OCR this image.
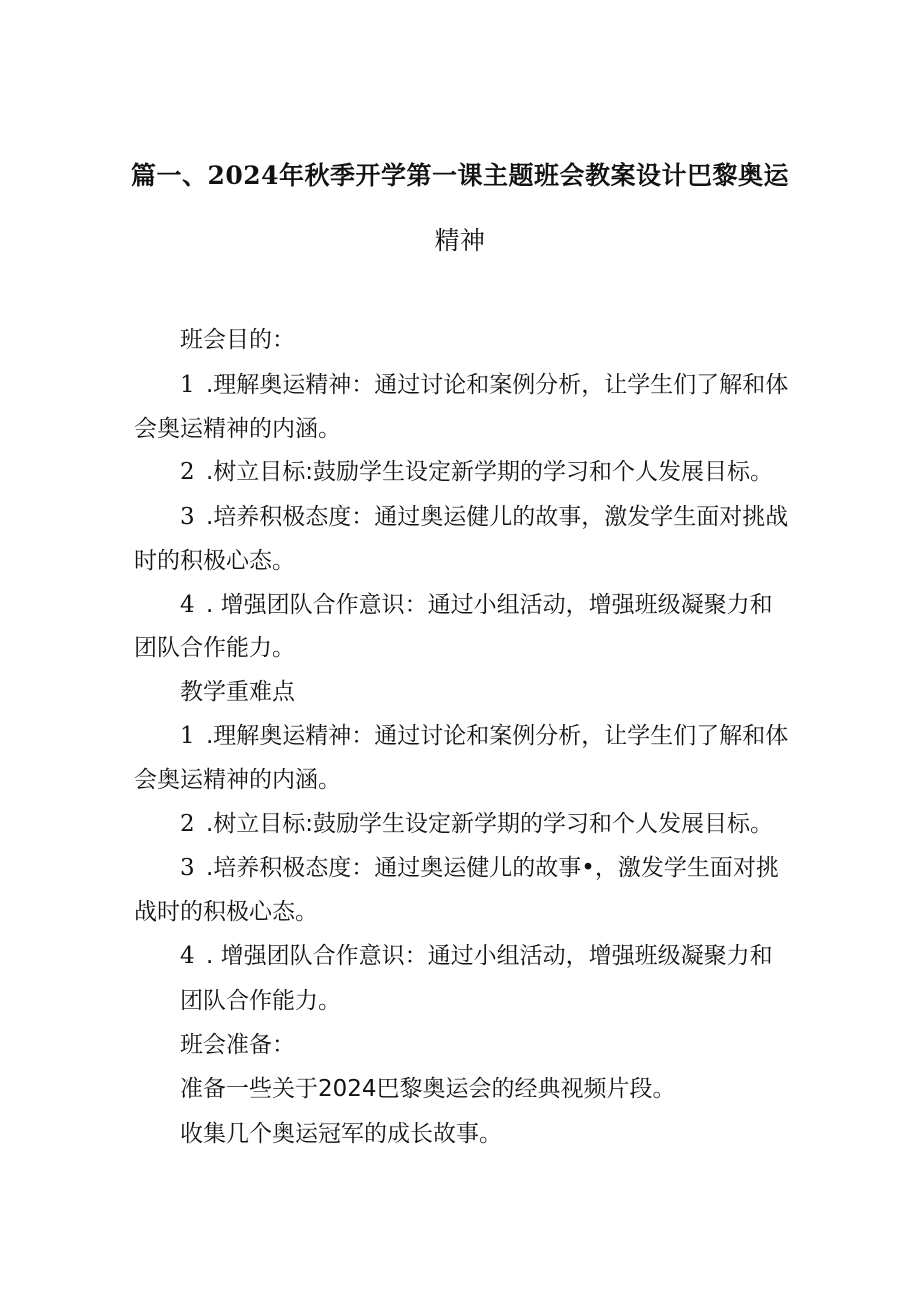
篇一、2024年秋季开学第一课主题班会教案设计巴黎奥运
精神
班会目的：
1 .理解奥运精神：通过讨论和案例分析，让学生们了解和体
会奥运精神的内涵。
2 .树立目标:鼓励学生设定新学期的学习和个人发展目标。
3 .培养积极态度：通过奥运健儿的故事，激发学生面对挑战
时的积极心态。
4 . 增强团队合作意识：通过小组活动，增强班级凝聚力和
团队合作能力。
教学重难点
1 .理解奥运精神：通过讨论和案例分析，让学生们了解和体
会奥运精神的内涵。
2 .树立目标:鼓励学生设定新学期的学习和个人发展目标。
3 .培养积极态度：通过奥运健儿的故事•，激发学生面对挑
战时的积极心态。
4 . 增强团队合作意识：通过小组活动，增强班级凝聚力和
团队合作能力。
班会准备：
准备一些关于2024巴黎奥运会的经典视频片段。
收集几个奥运冠军的成长故事。
